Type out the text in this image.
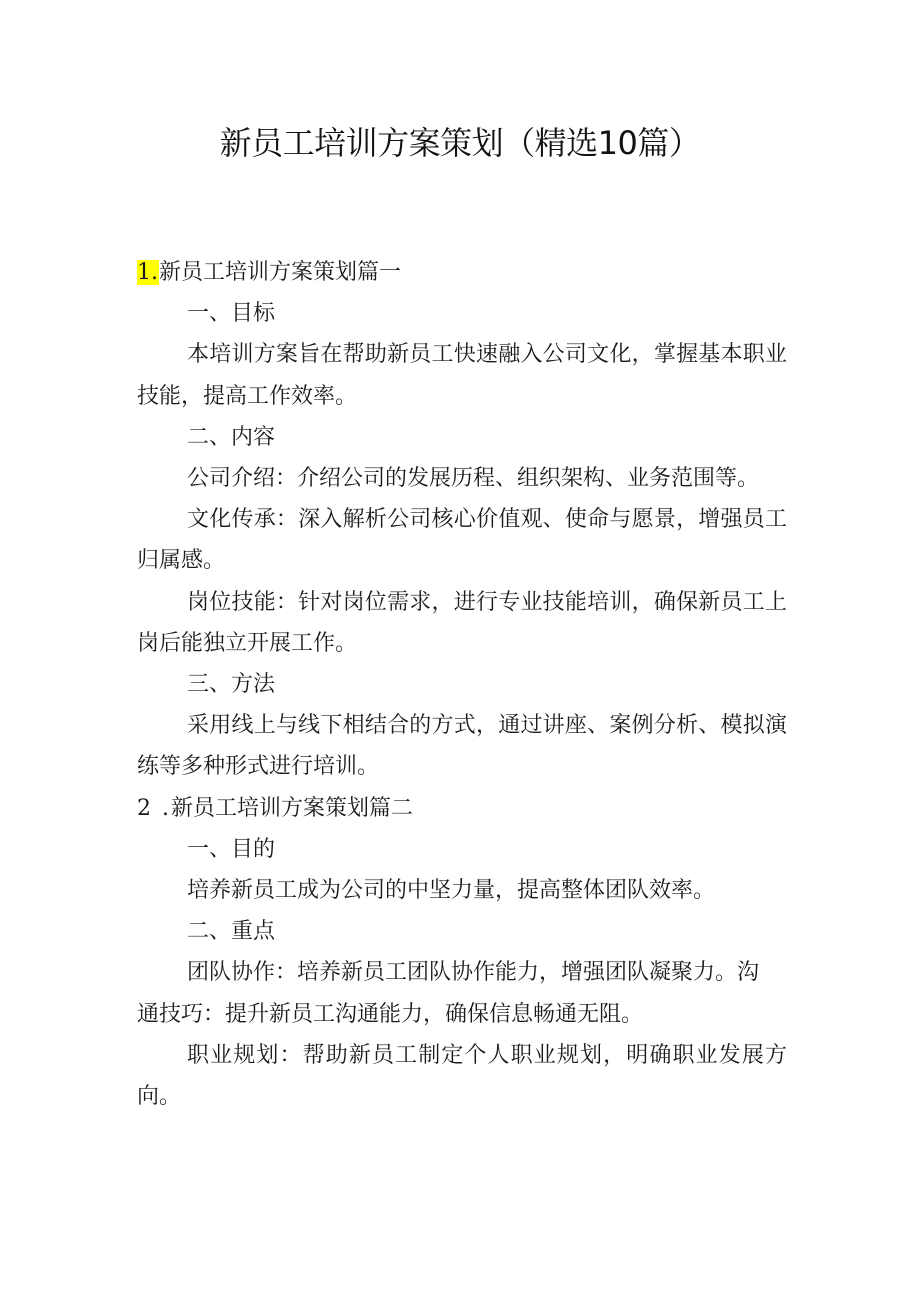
新员工培训方案策划（精选10篇）

1.新员工培训方案策划篇一

一、目标

本培训方案旨在帮助新员工快速融入公司文化，掌握基本职业技能，提高工作效率。

二、内容

公司介绍：介绍公司的发展历程、组织架构、业务范围等。

文化传承：深入解析公司核心价值观、使命与愿景，增强员工归属感。

岗位技能：针对岗位需求，进行专业技能培训，确保新员工上岗后能独立开展工作。

三、方法

采用线上与线下相结合的方式，通过讲座、案例分析、模拟演练等多种形式进行培训。

2 .新员工培训方案策划篇二

一、目的

培养新员工成为公司的中坚力量，提高整体团队效率。

二、重点

团队协作：培养新员工团队协作能力，增强团队凝聚力。沟

通技巧：提升新员工沟通能力，确保信息畅通无阻。

职业规划：帮助新员工制定个人职业规划，明确职业发展方向。
